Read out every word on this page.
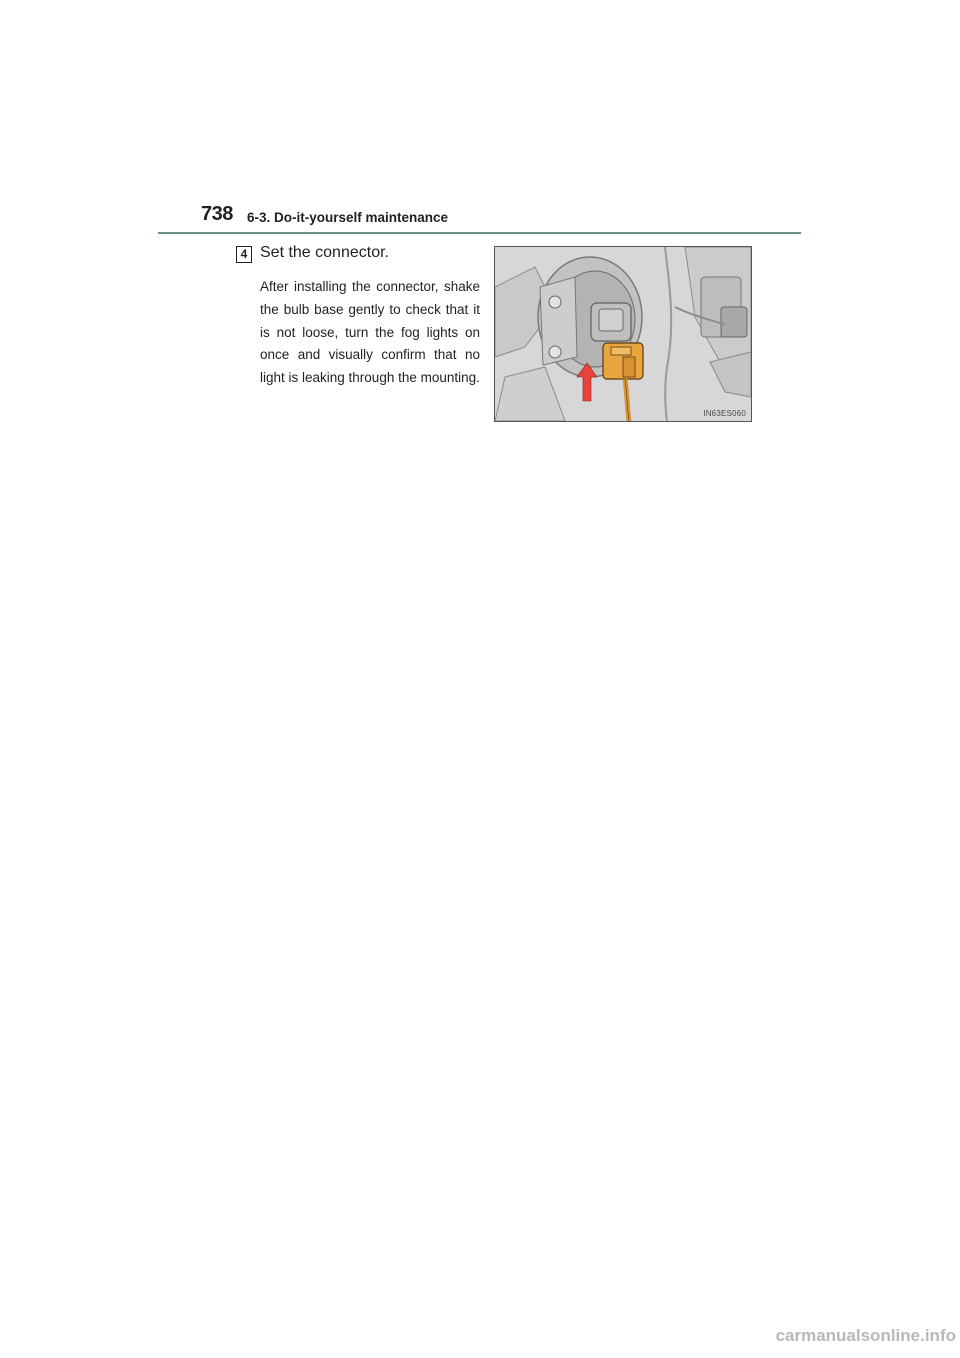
738 6-3. Do-it-yourself maintenance
4 Set the connector.
After installing the connector, shake the bulb base gently to check that it is not loose, turn the fog lights on once and visually confirm that no light is leaking through the mounting.
IN63ES060
carmanualsonline.info
